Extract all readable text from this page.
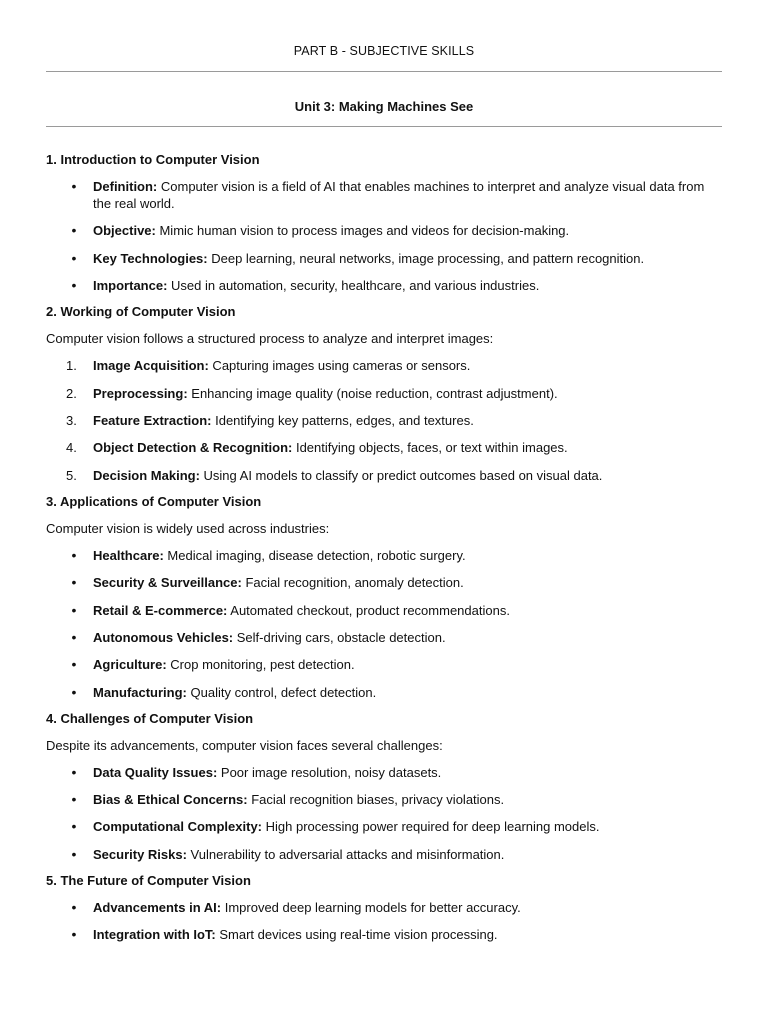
PART B - SUBJECTIVE SKILLS
Unit 3: Making Machines See
1. Introduction to Computer Vision
•	Definition: Computer vision is a field of AI that enables machines to interpret and analyze visual data from the real world.
•	Objective: Mimic human vision to process images and videos for decision-making.
•	Key Technologies: Deep learning, neural networks, image processing, and pattern recognition.
•	Importance: Used in automation, security, healthcare, and various industries.
2. Working of Computer Vision
Computer vision follows a structured process to analyze and interpret images:
1.	Image Acquisition: Capturing images using cameras or sensors.
2.	Preprocessing: Enhancing image quality (noise reduction, contrast adjustment).
3.	Feature Extraction: Identifying key patterns, edges, and textures.
4.	Object Detection & Recognition: Identifying objects, faces, or text within images.
5.	Decision Making: Using AI models to classify or predict outcomes based on visual data.
3. Applications of Computer Vision
Computer vision is widely used across industries:
•	Healthcare: Medical imaging, disease detection, robotic surgery.
•	Security & Surveillance: Facial recognition, anomaly detection.
•	Retail & E-commerce: Automated checkout, product recommendations.
•	Autonomous Vehicles: Self-driving cars, obstacle detection.
•	Agriculture: Crop monitoring, pest detection.
•	Manufacturing: Quality control, defect detection.
4. Challenges of Computer Vision
Despite its advancements, computer vision faces several challenges:
•	Data Quality Issues: Poor image resolution, noisy datasets.
•	Bias & Ethical Concerns: Facial recognition biases, privacy violations.
•	Computational Complexity: High processing power required for deep learning models.
•	Security Risks: Vulnerability to adversarial attacks and misinformation.
5. The Future of Computer Vision
•	Advancements in AI: Improved deep learning models for better accuracy.
•	Integration with IoT: Smart devices using real-time vision processing.
